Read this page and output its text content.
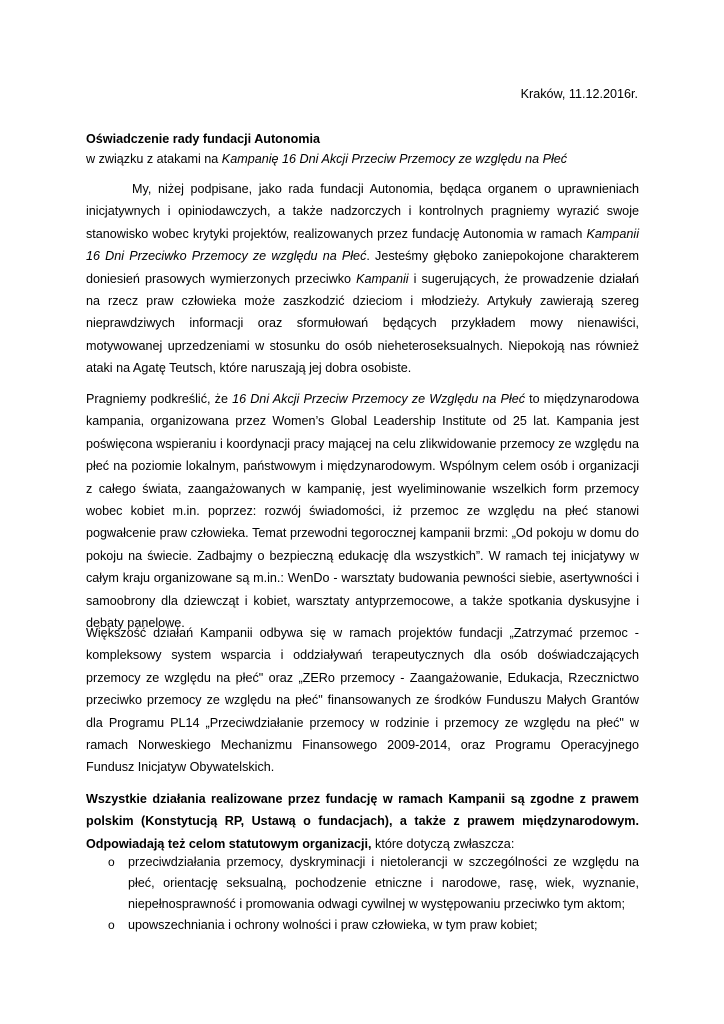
Kraków, 11.12.2016r.
Oświadczenie rady fundacji Autonomia
w związku z atakami na Kampanię 16 Dni Akcji Przeciw Przemocy ze względu na Płeć
My, niżej podpisane, jako rada fundacji Autonomia, będąca organem o uprawnieniach inicjatywnych i opiniodawczych, a także nadzorczych i kontrolnych pragniemy wyrazić swoje stanowisko wobec krytyki projektów, realizowanych przez fundację Autonomia w ramach Kampanii 16 Dni Przeciwko Przemocy ze względu na Płeć. Jesteśmy głęboko zaniepokojone charakterem doniesień prasowych wymierzonych przeciwko Kampanii i sugerujących, że prowadzenie działań na rzecz praw człowieka może zaszkodzić dzieciom i młodzieży. Artykuły zawierają szereg nieprawdziwych informacji oraz sformułowań będących przykładem mowy nienawiści, motywowanej uprzedzeniami w stosunku do osób nieheteroseksualnych. Niepokoją nas również ataki na Agatę Teutsch, które naruszają jej dobra osobiste.
Pragniemy podkreślić, że 16 Dni Akcji Przeciw Przemocy ze Względu na Płeć to międzynarodowa kampania, organizowana przez Women’s Global Leadership Institute od 25 lat. Kampania jest poświęcona wspieraniu i koordynacji pracy mającej na celu zlikwidowanie przemocy ze względu na płeć na poziomie lokalnym, państwowym i międzynarodowym. Wspólnym celem osób i organizacji z całego świata, zaangażowanych w kampanię, jest wyeliminowanie wszelkich form przemocy wobec kobiet m.in. poprzez: rozwój świadomości, iż przemoc ze względu na płeć stanowi pogwałcenie praw człowieka. Temat przewodni tegorocznej kampanii brzmi: „Od pokoju w domu do pokoju na świecie. Zadbajmy o bezpieczną edukację dla wszystkich”. W ramach tej inicjatywy w całym kraju organizowane są m.in.: WenDo - warsztaty budowania pewności siebie, asertywności i samoobrony dla dziewcząt i kobiet, warsztaty antyprzemocowe, a także spotkania dyskusyjne i debaty panelowe.
Większość działań Kampanii odbywa się w ramach projektów fundacji „Zatrzymać przemoc - kompleksowy system wsparcia i oddziaływań terapeutycznych dla osób doświadczających przemocy ze względu na płeć" oraz „ZERo przemocy - Zaangażowanie, Edukacja, Rzecznictwo przeciwko przemocy ze względu na płeć" finansowanych ze środków Funduszu Małych Grantów dla Programu PL14 „Przeciwdziałanie przemocy w rodzinie i przemocy ze względu na płeć" w ramach Norweskiego Mechanizmu Finansowego 2009-2014, oraz Programu Operacyjnego Fundusz Inicjatyw Obywatelskich.
Wszystkie działania realizowane przez fundację w ramach Kampanii są zgodne z prawem polskim (Konstytucją RP, Ustawą o fundacjach), a także z prawem międzynarodowym. Odpowiadają też celom statutowym organizacji, które dotyczą zwłaszcza:
o przeciwdziałania przemocy, dyskryminacji i nietolerancji w szczególności ze względu na płeć, orientację seksualną, pochodzenie etniczne i narodowe, rasę, wiek, wyznanie, niepełnosprawność i promowania odwagi cywilnej w występowaniu przeciwko tym aktom;
o upowszechniania i ochrony wolności i praw człowieka, w tym praw kobiet;
